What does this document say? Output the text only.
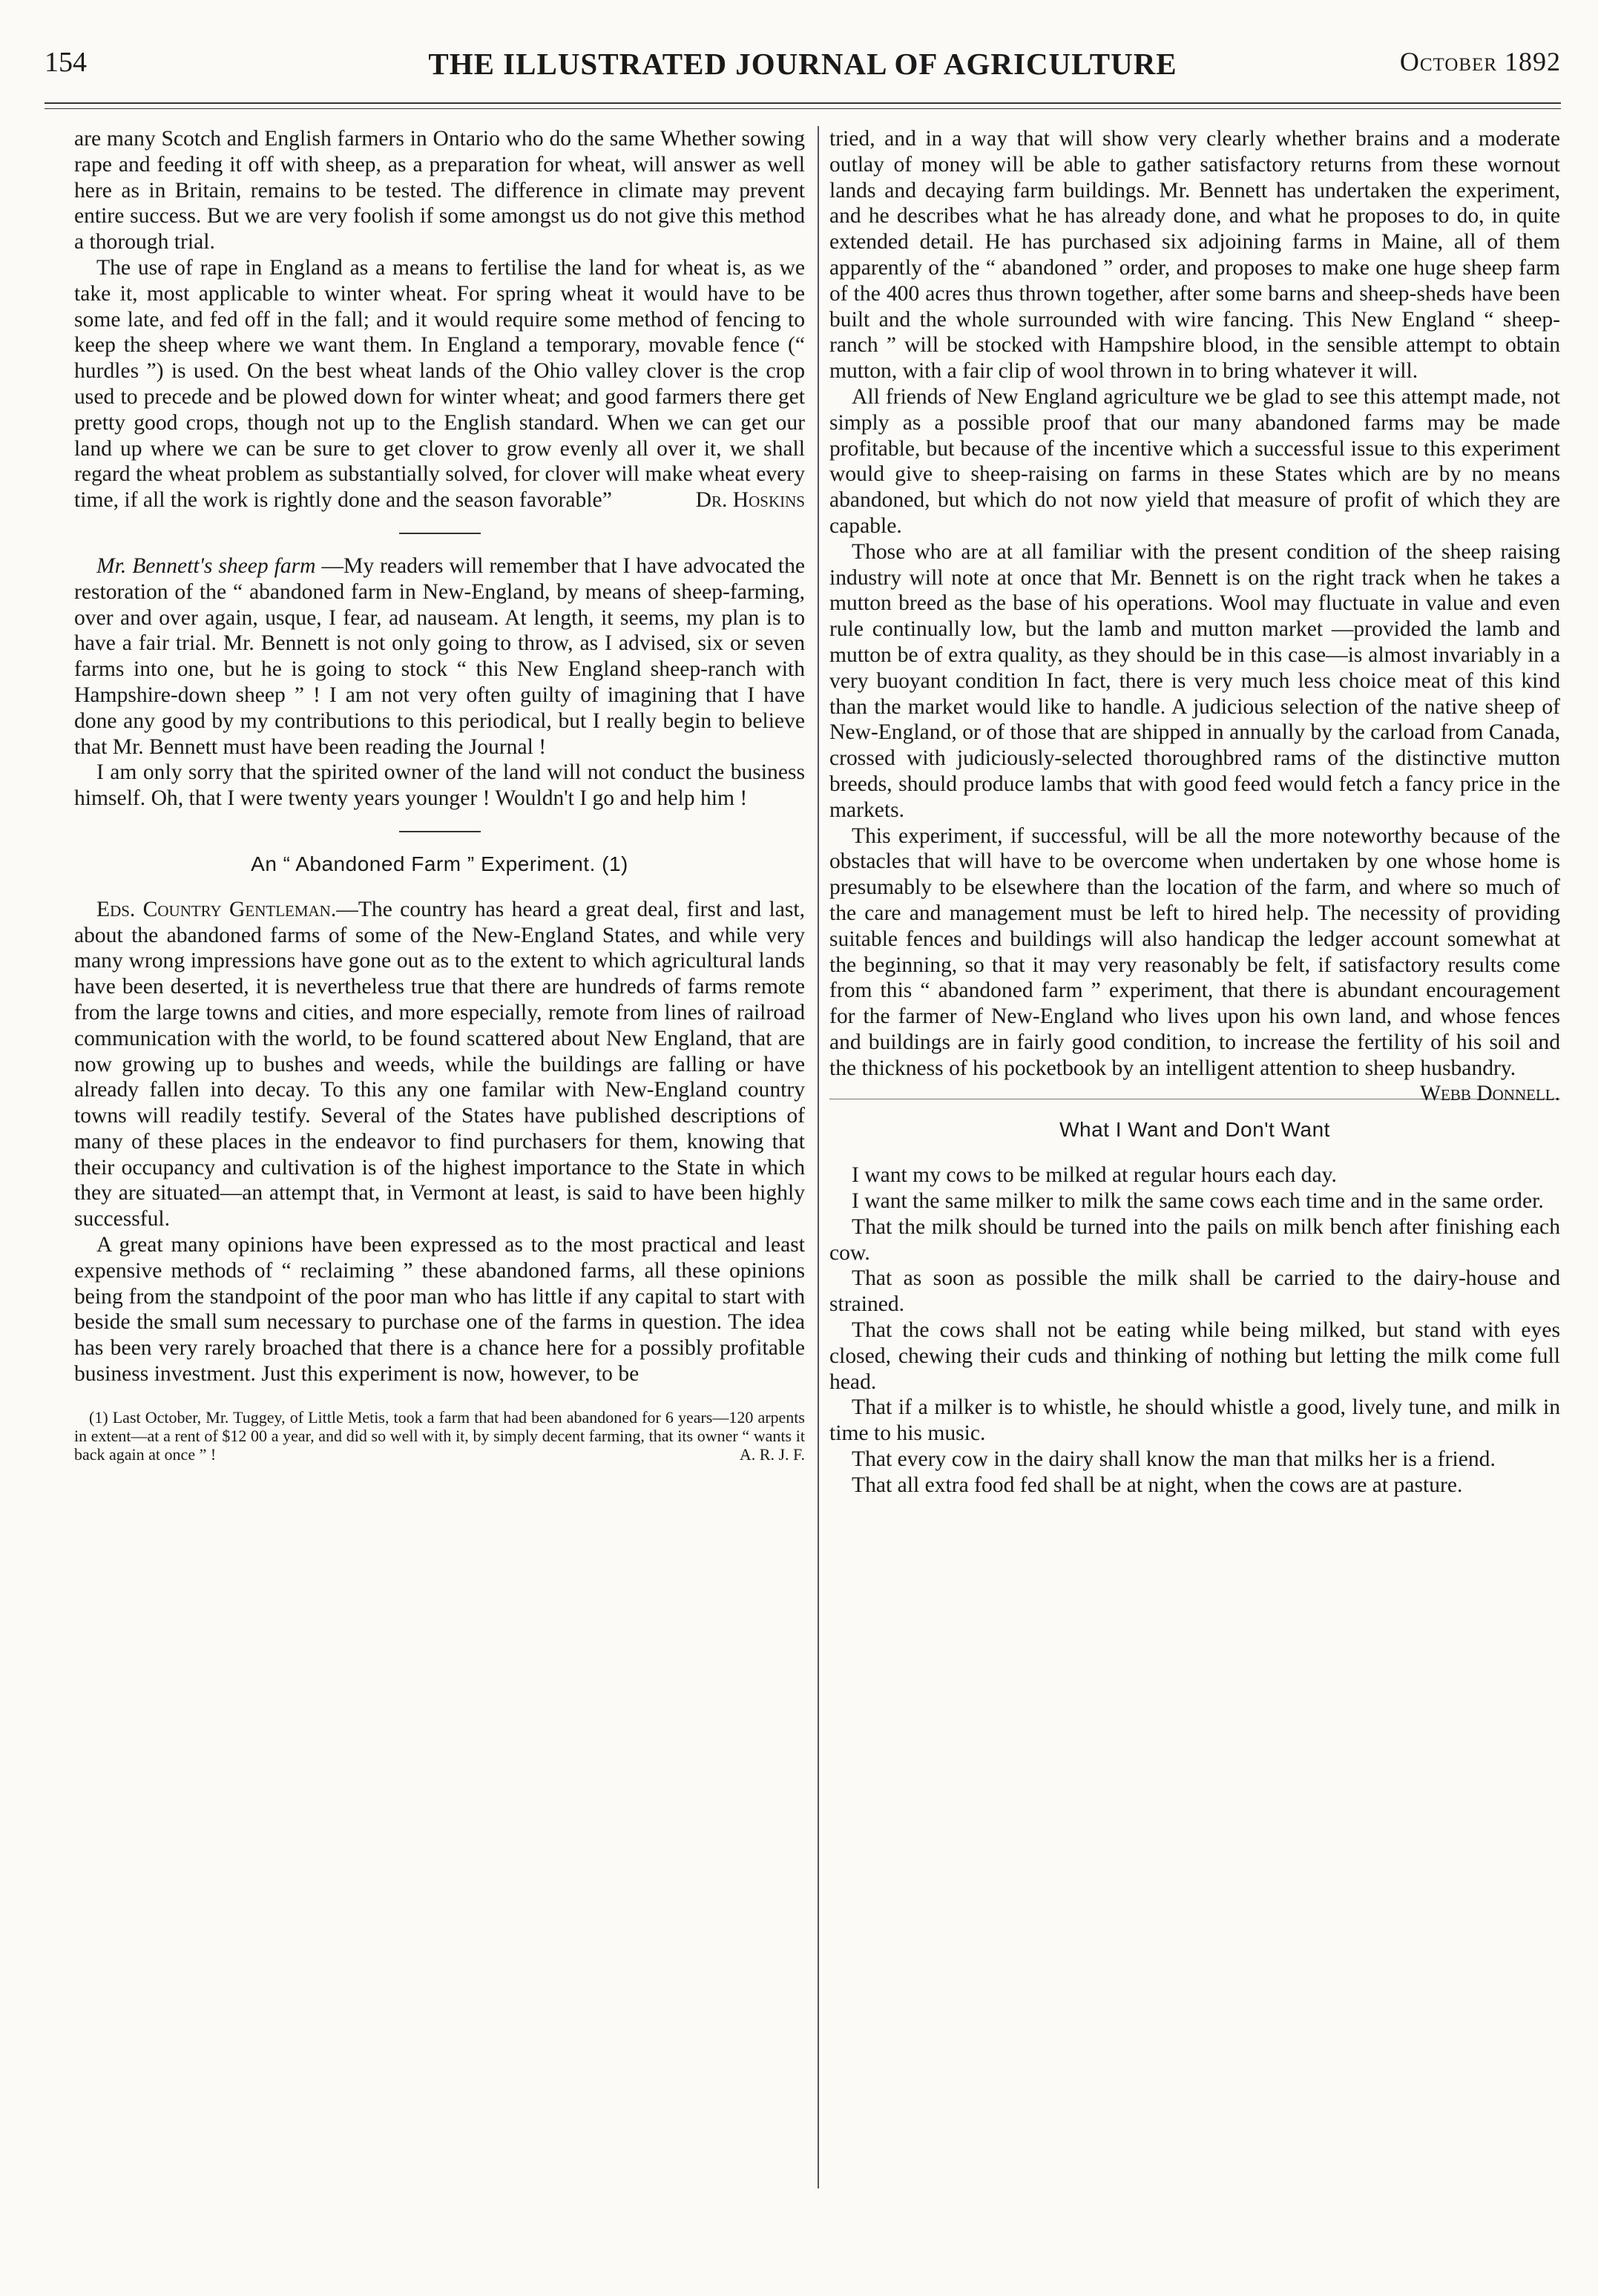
154	THE ILLUSTRATED JOURNAL OF AGRICULTURE	October 1892

are many Scotch and English farmers in Ontario who do the same Whether sowing rape and feeding it off with sheep, as a preparation for wheat, will answer as well here as in Britain, remains to be tested. The difference in climate may prevent entire success. But we are very foolish if some amongst us do not give this method a thorough trial.

The use of rape in England as a means to fertilise the land for wheat is, as we take it, most applicable to winter wheat. For spring wheat it would have to be some late, and fed off in the fall; and it would require some method of fencing to keep the sheep where we want them. In England a temporary, movable fence (“ hurdles ”) is used. On the best wheat lands of the Ohio valley clover is the crop used to precede and be plowed down for winter wheat; and good farmers there get pretty good crops, though not up to the English standard. When we can get our land up where we can be sure to get clover to grow evenly all over it, we shall regard the wheat problem as substantially solved, for clover will make wheat every time, if all the work is rightly done and the season favorable”	Dr. Hoskins

Mr. Bennett's sheep farm —My readers will remember that I have advocated the restoration of the “ abandoned farm in New-England, by means of sheep-farming, over and over again, usque, I fear, ad nauseam. At length, it seems, my plan is to have a fair trial. Mr. Bennett is not only going to throw, as I advised, six or seven farms into one, but he is going to stock “ this New England sheep-ranch with Hampshire-down sheep ” ! I am not very often guilty of imagining that I have done any good by my contributions to this periodical, but I really begin to believe that Mr. Bennett must have been reading the Journal !

I am only sorry that the spirited owner of the land will not conduct the business himself. Oh, that I were twenty years younger ! Wouldn't I go and help him !

An “ Abandoned Farm ” Experiment. (1)

Eds. Country Gentleman.—The country has heard a great deal, first and last, about the abandoned farms of some of the New-England States, and while very many wrong impressions have gone out as to the extent to which agricultural lands have been deserted, it is nevertheless true that there are hundreds of farms remote from the large towns and cities, and more especially, remote from lines of railroad communication with the world, to be found scattered about New England, that are now growing up to bushes and weeds, while the buildings are falling or have already fallen into decay. To this any one familar with New-England country towns will readily testify. Several of the States have published descriptions of many of these places in the endeavor to find purchasers for them, knowing that their occupancy and cultivation is of the highest importance to the State in which they are situated—an attempt that, in Vermont at least, is said to have been highly successful.

A great many opinions have been expressed as to the most practical and least expensive methods of “ reclaiming ” these abandoned farms, all these opinions being from the standpoint of the poor man who has little if any capital to start with beside the small sum necessary to purchase one of the farms in question. The idea has been very rarely broached that there is a chance here for a possibly profitable business investment. Just this experiment is now, however, to be

(1) Last October, Mr. Tuggey, of Little Metis, took a farm that had been abandoned for 6 years—120 arpents in extent—at a rent of $12 00 a year, and did so well with it, by simply decent farming, that its owner “ wants it back again at once ” !	A. R. J. F.

tried, and in a way that will show very clearly whether brains and a moderate outlay of money will be able to gather satisfactory returns from these wornout lands and decaying farm buildings. Mr. Bennett has undertaken the experiment, and he describes what he has already done, and what he proposes to do, in quite extended detail. He has purchased six adjoining farms in Maine, all of them apparently of the “ abandoned ” order, and proposes to make one huge sheep farm of the 400 acres thus thrown together, after some barns and sheep-sheds have been built and the whole surrounded with wire fancing. This New England “ sheep-ranch ” will be stocked with Hampshire blood, in the sensible attempt to obtain mutton, with a fair clip of wool thrown in to bring whatever it will.

All friends of New England agriculture we be glad to see this attempt made, not simply as a possible proof that our many abandoned farms may be made profitable, but because of the incentive which a successful issue to this experiment would give to sheep-raising on farms in these States which are by no means abandoned, but which do not now yield that measure of profit of which they are capable.

Those who are at all familiar with the present condition of the sheep raising industry will note at once that Mr. Bennett is on the right track when he takes a mutton breed as the base of his operations. Wool may fluctuate in value and even rule continually low, but the lamb and mutton market —provided the lamb and mutton be of extra quality, as they should be in this case—is almost invariably in a very buoyant condition In fact, there is very much less choice meat of this kind than the market would like to handle. A judicious selection of the native sheep of New-England, or of those that are shipped in annually by the carload from Canada, crossed with judiciously-selected thoroughbred rams of the distinctive mutton breeds, should produce lambs that with good feed would fetch a fancy price in the markets.

This experiment, if successful, will be all the more noteworthy because of the obstacles that will have to be overcome when undertaken by one whose home is presumably to be elsewhere than the location of the farm, and where so much of the care and management must be left to hired help. The necessity of providing suitable fences and buildings will also handicap the ledger account somewhat at the beginning, so that it may very reasonably be felt, if satisfactory results come from this “ abandoned farm ” experiment, that there is abundant encouragement for the farmer of New-England who lives upon his own land, and whose fences and buildings are in fairly good condition, to increase the fertility of his soil and the thickness of his pocketbook by an intelligent attention to sheep husbandry.
Webb Donnell.

What I Want and Don't Want

I want my cows to be milked at regular hours each day.

I want the same milker to milk the same cows each time and in the same order.

That the milk should be turned into the pails on milk bench after finishing each cow.

That as soon as possible the milk shall be carried to the dairy-house and strained.

That the cows shall not be eating while being milked, but stand with eyes closed, chewing their cuds and thinking of nothing but letting the milk come full head.

That if a milker is to whistle, he should whistle a good, lively tune, and milk in time to his music.

That every cow in the dairy shall know the man that milks her is a friend.

That all extra food fed shall be at night, when the cows are at pasture.
